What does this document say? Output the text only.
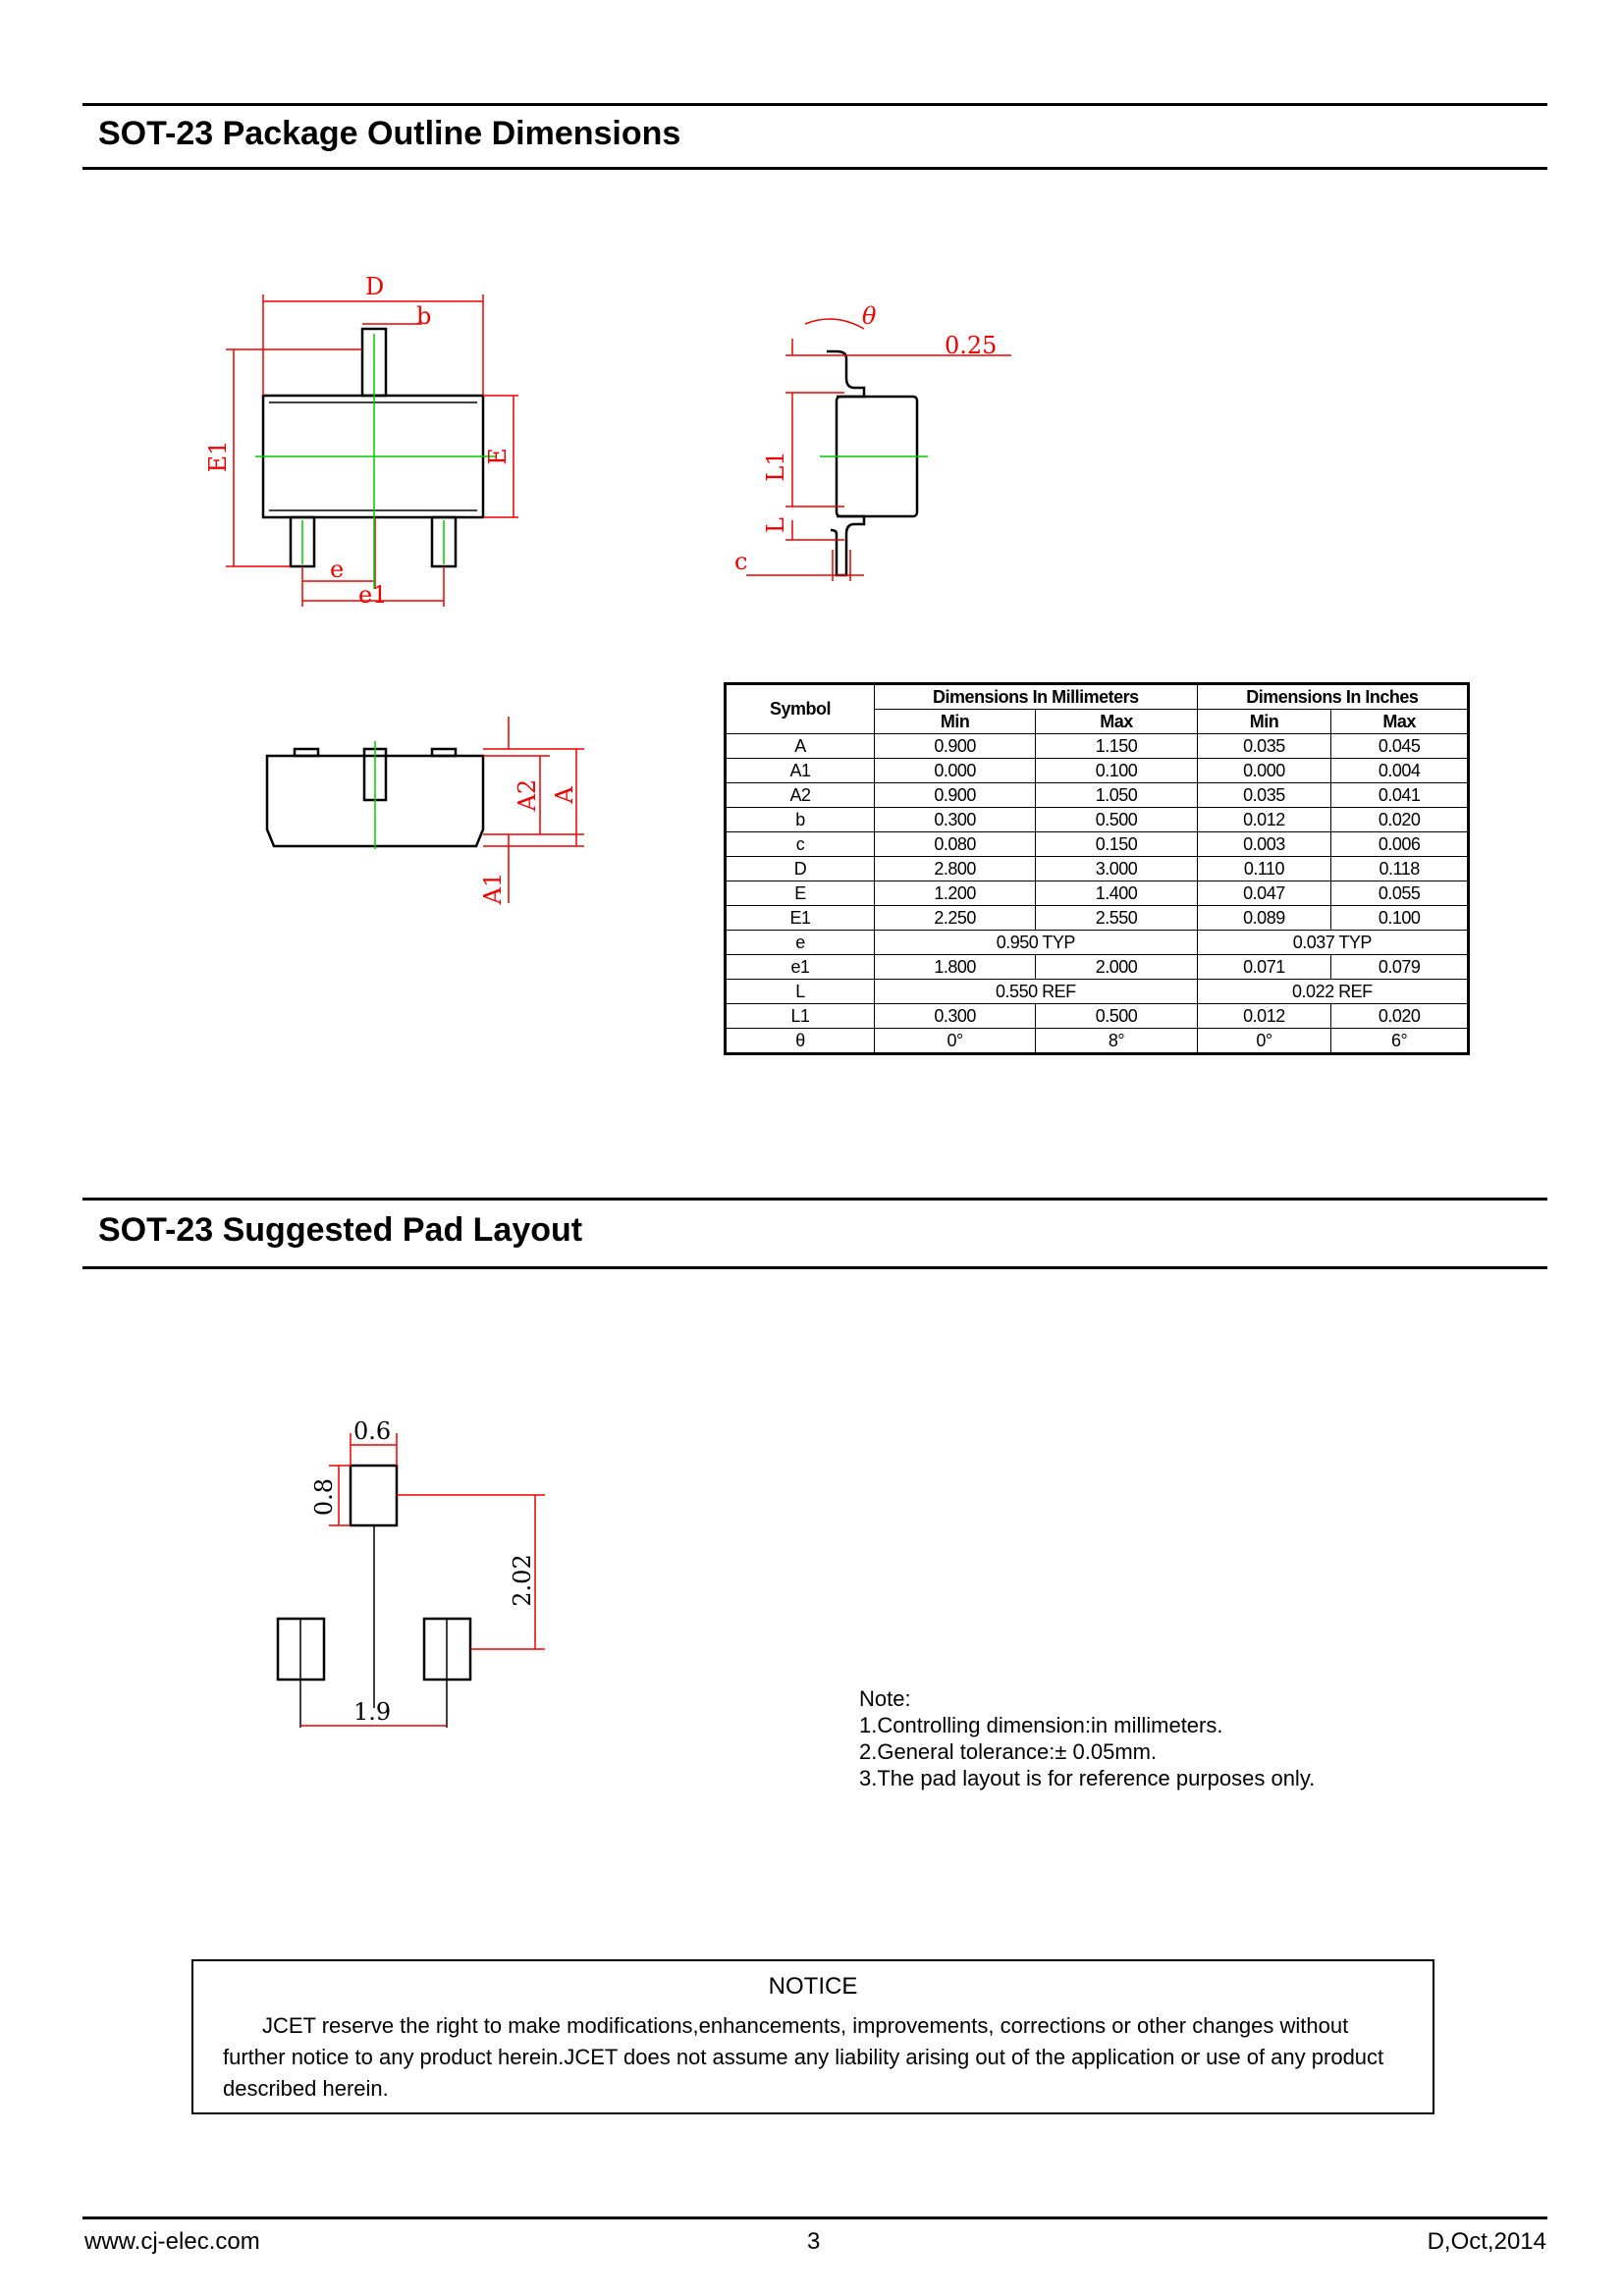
SOT-23 Package Outline Dimensions
D
b
E1	E
e
e1
θ
0.25
L1
L
c
A1
A2 A
Symbol	Dimensions In Millimeters		Dimensions In Inches	
	Min	Max	Min	Max
A	0.900	1.150	0.035	0.045
A1	0.000	0.100	0.000	0.004
A2	0.900	1.050	0.035	0.041
b	0.300	0.500	0.012	0.020
c	0.080	0.150	0.003	0.006
D	2.800	3.000	0.110	0.118
E	1.200	1.400	0.047	0.055
E1	2.250	2.550	0.089	0.100
e	0.950 TYP		0.037 TYP	
e1	1.800	2.000	0.071	0.079
L	0.550 REF		0.022 REF	
L1	0.300	0.500	0.012	0.020
θ	0°	8°	0°	6°
SOT-23 Suggested Pad Layout
0.6
0.8
2.02
1.9	Note:
1.Controlling dimension:in millimeters.
2.General tolerance:± 0.05mm.
3.The pad layout is for reference purposes only.
NOTICE
JCET reserve the right to make modifications,enhancements, improvements, corrections or other changes without further notice to any product herein.JCET does not assume any liability arising out of the application or use of any product described herein.
www.cj-elec.com	3	D,Oct,2014
